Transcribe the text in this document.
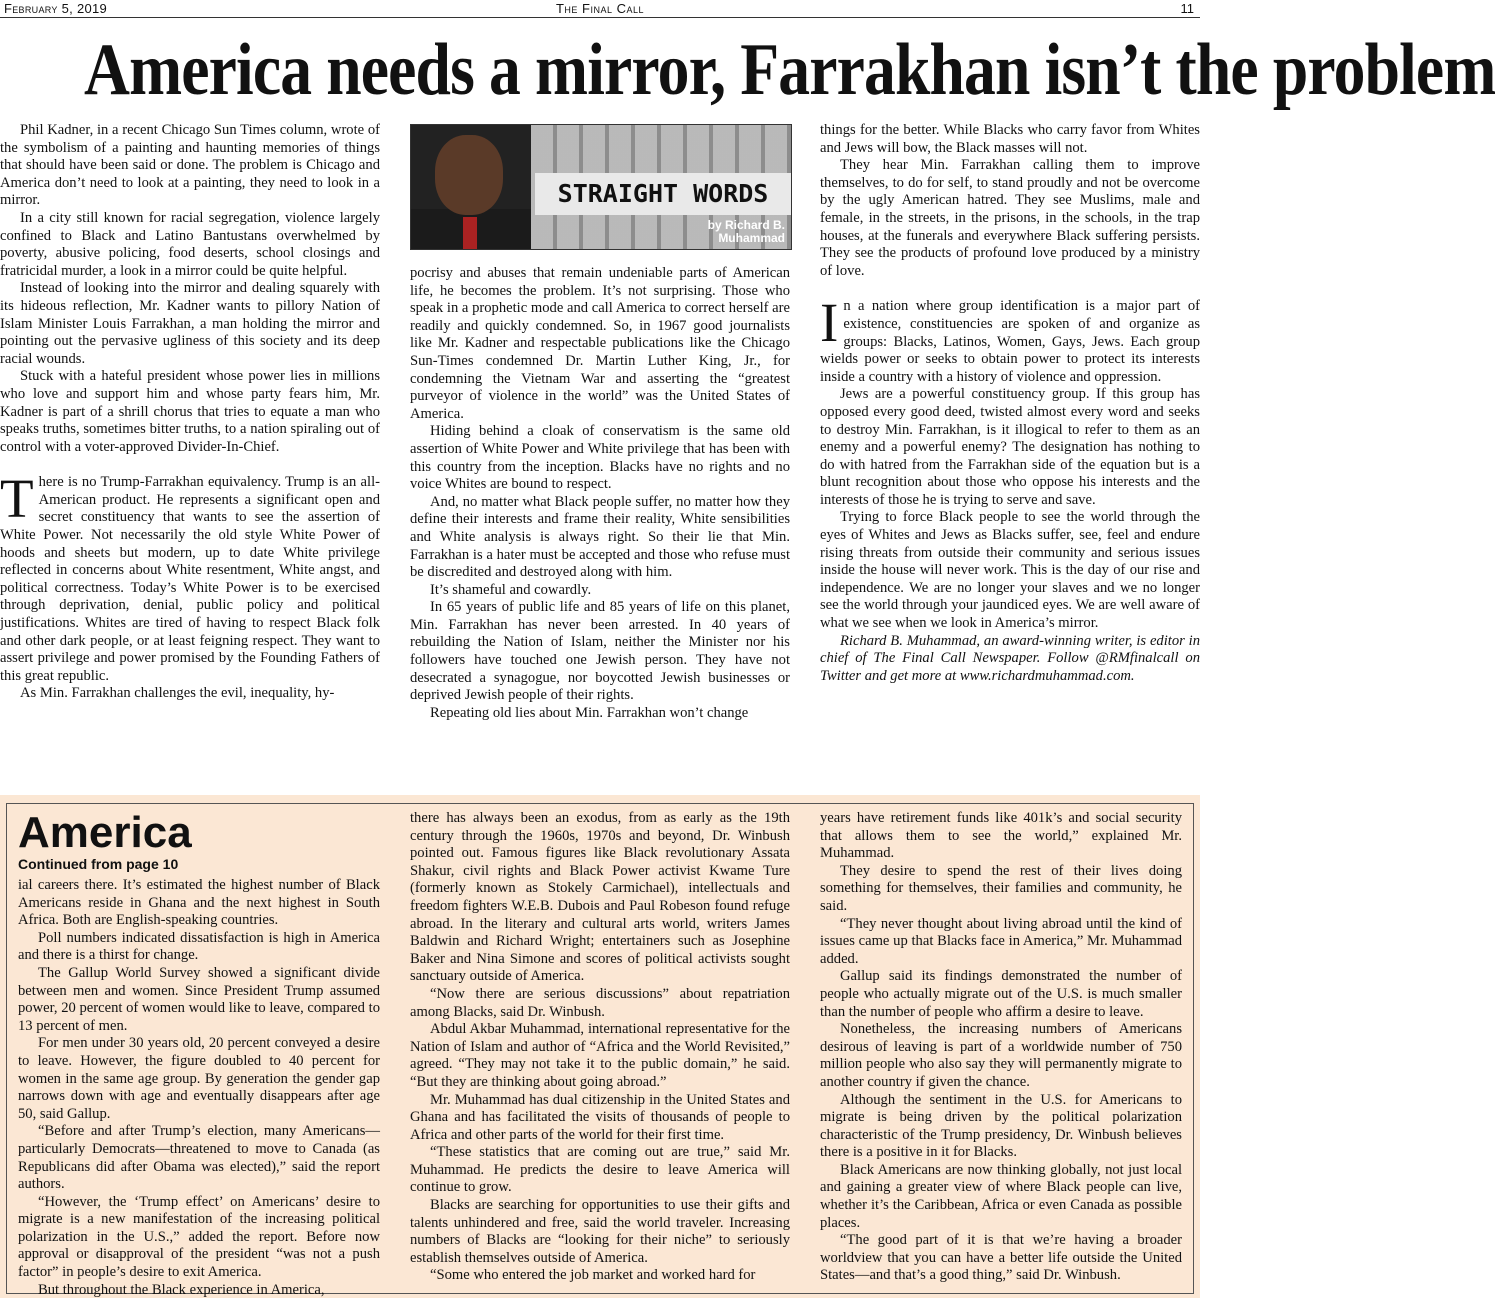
February 5, 2019	The Final Call	11
America needs a mirror, Farrakhan isn’t the problem

Phil Kadner, in a recent Chicago Sun Times column, wrote of the symbolism of a painting and haunting memories of things that should have been said or done. The problem is Chicago and America don’t need to look at a painting, they need to look in a mirror.

In a city still known for racial segregation, violence largely confined to Black and Latino Bantustans overwhelmed by poverty, abusive policing, food deserts, school closings and fratricidal murder, a look in a mirror could be quite helpful.

Instead of looking into the mirror and dealing squarely with its hideous reflection, Mr. Kadner wants to pillory Nation of Islam Minister Louis Farrakhan, a man holding the mirror and pointing out the pervasive ugliness of this society and its deep racial wounds.

Stuck with a hateful president whose power lies in millions who love and support him and whose party fears him, Mr. Kadner is part of a shrill chorus that tries to equate a man who speaks truths, sometimes bitter truths, to a nation spiraling out of control with a voter-approved Divider-In-Chief.

There is no Trump-Farrakhan equivalency. Trump is an all-American product. He represents a significant open and secret constituency that wants to see the assertion of White Power. Not necessarily the old style White Power of hoods and sheets but modern, up to date White privilege reflected in concerns about White resentment, White angst, and political correctness. Today’s White Power is to be exercised through deprivation, denial, public policy and political justifications. Whites are tired of having to respect Black folk and other dark people, or at least feigning respect. They want to assert privilege and power promised by the Founding Fathers of this great republic.

As Min. Farrakhan challenges the evil, inequality, hy-

STRAIGHT WORDS
by Richard B.
Muhammad

pocrisy and abuses that remain undeniable parts of American life, he becomes the problem. It’s not surprising. Those who speak in a prophetic mode and call America to correct herself are readily and quickly condemned. So, in 1967 good journalists like Mr. Kadner and respectable publications like the Chicago Sun-Times condemned Dr. Martin Luther King, Jr., for condemning the Vietnam War and asserting the “greatest purveyor of violence in the world” was the United States of America.

Hiding behind a cloak of conservatism is the same old assertion of White Power and White privilege that has been with this country from the inception. Blacks have no rights and no voice Whites are bound to respect.

And, no matter what Black people suffer, no matter how they define their interests and frame their reality, White sensibilities and White analysis is always right. So their lie that Min. Farrakhan is a hater must be accepted and those who refuse must be discredited and destroyed along with him.

It’s shameful and cowardly.

In 65 years of public life and 85 years of life on this planet, Min. Farrakhan has never been arrested. In 40 years of rebuilding the Nation of Islam, neither the Minister nor his followers have touched one Jewish person. They have not desecrated a synagogue, nor boycotted Jewish businesses or deprived Jewish people of their rights.

Repeating old lies about Min. Farrakhan won’t change

things for the better. While Blacks who carry favor from Whites and Jews will bow, the Black masses will not.

They hear Min. Farrakhan calling them to improve themselves, to do for self, to stand proudly and not be overcome by the ugly American hatred. They see Muslims, male and female, in the streets, in the prisons, in the schools, in the trap houses, at the funerals and everywhere Black suffering persists. They see the products of profound love produced by a ministry of love.

In a nation where group identification is a major part of existence, constituencies are spoken of and organize as groups: Blacks, Latinos, Women, Gays, Jews. Each group wields power or seeks to obtain power to protect its interests inside a country with a history of violence and oppression.

Jews are a powerful constituency group. If this group has opposed every good deed, twisted almost every word and seeks to destroy Min. Farrakhan, is it illogical to refer to them as an enemy and a powerful enemy? The designation has nothing to do with hatred from the Farrakhan side of the equation but is a blunt recognition about those who oppose his interests and the interests of those he is trying to serve and save.

Trying to force Black people to see the world through the eyes of Whites and Jews as Blacks suffer, see, feel and endure rising threats from outside their community and serious issues inside the house will never work. This is the day of our rise and independence. We are no longer your slaves and we no longer see the world through your jaundiced eyes. We are well aware of what we see when we look in America’s mirror.

Richard B. Muhammad, an award-winning writer, is editor in chief of The Final Call Newspaper. Follow @RMfinalcall on Twitter and get more at www.richardmuhammad.com.

America
Continued from page 10

ial careers there. It’s estimated the highest number of Black Americans reside in Ghana and the next highest in South Africa. Both are English-speaking countries.

Poll numbers indicated dissatisfaction is high in America and there is a thirst for change.

The Gallup World Survey showed a significant divide between men and women. Since President Trump assumed power, 20 percent of women would like to leave, compared to 13 percent of men.

For men under 30 years old, 20 percent conveyed a desire to leave. However, the figure doubled to 40 percent for women in the same age group. By generation the gender gap narrows down with age and eventually disappears after age 50, said Gallup.

“Before and after Trump’s election, many Americans—particularly Democrats—threatened to move to Canada (as Republicans did after Obama was elected),” said the report authors.

“However, the ‘Trump effect’ on Americans’ desire to migrate is a new manifestation of the increasing political polarization in the U.S.,” added the report. Before now approval or disapproval of the president “was not a push factor” in people’s desire to exit America.

But throughout the Black experience in America,

there has always been an exodus, from as early as the 19th century through the 1960s, 1970s and beyond, Dr. Winbush pointed out. Famous figures like Black revolutionary Assata Shakur, civil rights and Black Power activist Kwame Ture (formerly known as Stokely Carmichael), intellectuals and freedom fighters W.E.B. Dubois and Paul Robeson found refuge abroad. In the literary and cultural arts world, writers James Baldwin and Richard Wright; entertainers such as Josephine Baker and Nina Simone and scores of political activists sought sanctuary outside of America.

“Now there are serious discussions” about repatriation among Blacks, said Dr. Winbush.

Abdul Akbar Muhammad, international representative for the Nation of Islam and author of “Africa and the World Revisited,” agreed. “They may not take it to the public domain,” he said. “But they are thinking about going abroad.”

Mr. Muhammad has dual citizenship in the United States and Ghana and has facilitated the visits of thousands of people to Africa and other parts of the world for their first time.

“These statistics that are coming out are true,” said Mr. Muhammad. He predicts the desire to leave America will continue to grow.

Blacks are searching for opportunities to use their gifts and talents unhindered and free, said the world traveler. Increasing numbers of Blacks are “looking for their niche” to seriously establish themselves outside of America.

“Some who entered the job market and worked hard for

years have retirement funds like 401k’s and social security that allows them to see the world,” explained Mr. Muhammad.

They desire to spend the rest of their lives doing something for themselves, their families and community, he said.

“They never thought about living abroad until the kind of issues came up that Blacks face in America,” Mr. Muhammad added.

Gallup said its findings demonstrated the number of people who actually migrate out of the U.S. is much smaller than the number of people who affirm a desire to leave.

Nonetheless, the increasing numbers of Americans desirous of leaving is part of a worldwide number of 750 million people who also say they will permanently migrate to another country if given the chance.

Although the sentiment in the U.S. for Americans to migrate is being driven by the political polarization characteristic of the Trump presidency, Dr. Winbush believes there is a positive in it for Blacks.

Black Americans are now thinking globally, not just local and gaining a greater view of where Black people can live, whether it’s the Caribbean, Africa or even Canada as possible places.

“The good part of it is that we’re having a broader worldview that you can have a better life outside the United States—and that’s a good thing,” said Dr. Winbush.
